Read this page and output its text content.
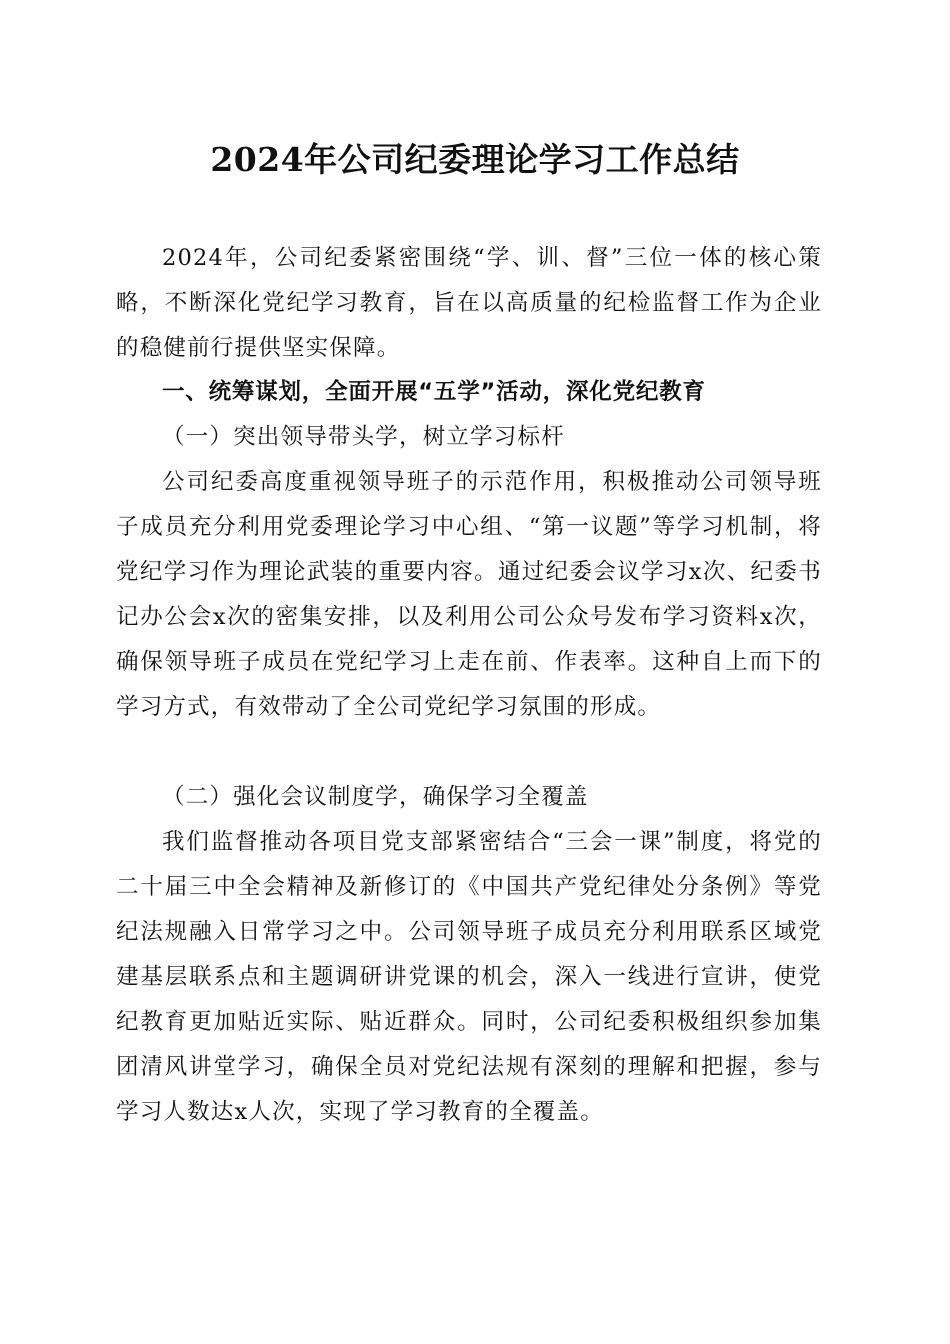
2024年公司纪委理论学习工作总结

2024年，公司纪委紧密围绕“学、训、督”三位一体的核心策略，不断深化党纪学习教育，旨在以高质量的纪检监督工作为企业的稳健前行提供坚实保障。

一、统筹谋划，全面开展“五学”活动，深化党纪教育
（一）突出领导带头学，树立学习标杆

公司纪委高度重视领导班子的示范作用，积极推动公司领导班子成员充分利用党委理论学习中心组、“第一议题”等学习机制，将党纪学习作为理论武装的重要内容。通过纪委会议学习x次、纪委书记办公会x次的密集安排，以及利用公司公众号发布学习资料x次，确保领导班子成员在党纪学习上走在前、作表率。这种自上而下的学习方式，有效带动了全公司党纪学习氛围的形成。

（二）强化会议制度学，确保学习全覆盖

我们监督推动各项目党支部紧密结合“三会一课”制度，将党的二十届三中全会精神及新修订的《中国共产党纪律处分条例》等党纪法规融入日常学习之中。公司领导班子成员充分利用联系区域党建基层联系点和主题调研讲党课的机会，深入一线进行宣讲，使党纪教育更加贴近实际、贴近群众。同时，公司纪委积极组织参加集团清风讲堂学习，确保全员对党纪法规有深刻的理解和把握，参与学习人数达x人次，实现了学习教育的全覆盖。
